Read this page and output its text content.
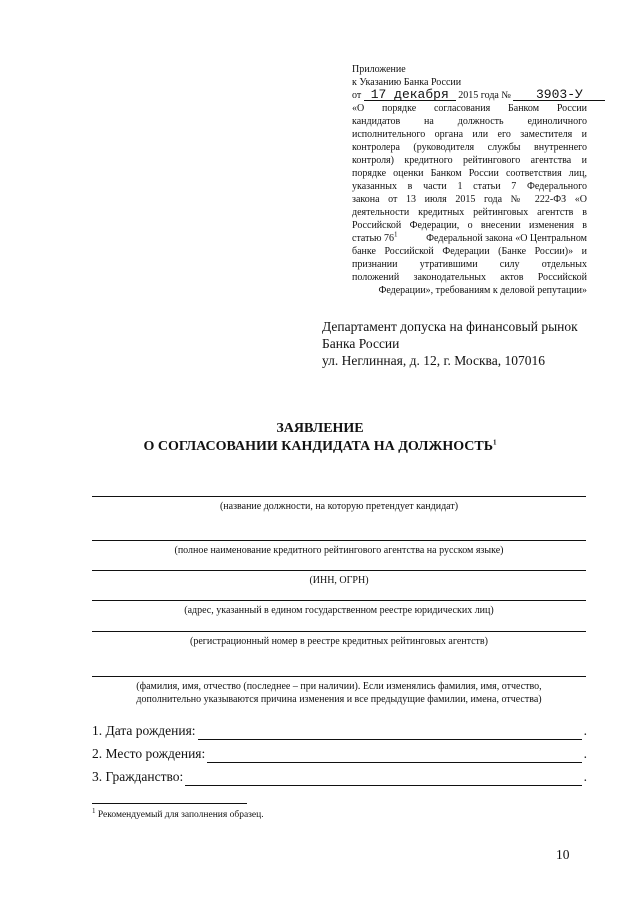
Приложение
к Указанию Банка России
от 17 декабря 2015 года № 3903-У
«О порядке согласования Банком России
кандидатов на должность единоличного
исполнительного органа или его заместителя и
контролера (руководителя службы внутреннего
контроля) кредитного рейтингового агентства и
порядке оценки Банком России соответствия лиц,
указанных в части 1 статьи 7 Федерального
закона от 13 июля 2015 года № 222-ФЗ «О
деятельности кредитных рейтинговых агентств в
Российской Федерации, о внесении изменения в
статью $76^1$	Федеральной закона «О Центральном
банке Российской Федерации (Банке России)» и
признании утратившими силу отдельных
положений законодательных актов Российской
Федерации», требованиям к деловой репутации»
Департамент допуска на финансовый рынок
Банка России
ул. Неглинная, д. 12, г. Москва, 107016
ЗАЯВЛЕНИЕ
О СОГЛАСОВАНИИ КАНДИДАТА НА ДОЛЖНОСТЬ$^1$
(название должности, на которую претендует кандидат)
(полное наименование кредитного рейтингового агентства на русском языке)
(ИНН, ОГРН)
(адрес, указанный в едином государственном реестре юридических лиц)
(регистрационный номер в реестре кредитных рейтинговых агентств)
(фамилия, имя, отчество (последнее – при наличии). Если изменялись фамилия, имя, отчество,
дополнительно указываются причина изменения и все предыдущие фамилии, имена, отчества)
1. Дата рождения:	.
2. Место рождения:	.
3. Гражданство:	.
$^1$ Рекомендуемый для заполнения образец.
10
